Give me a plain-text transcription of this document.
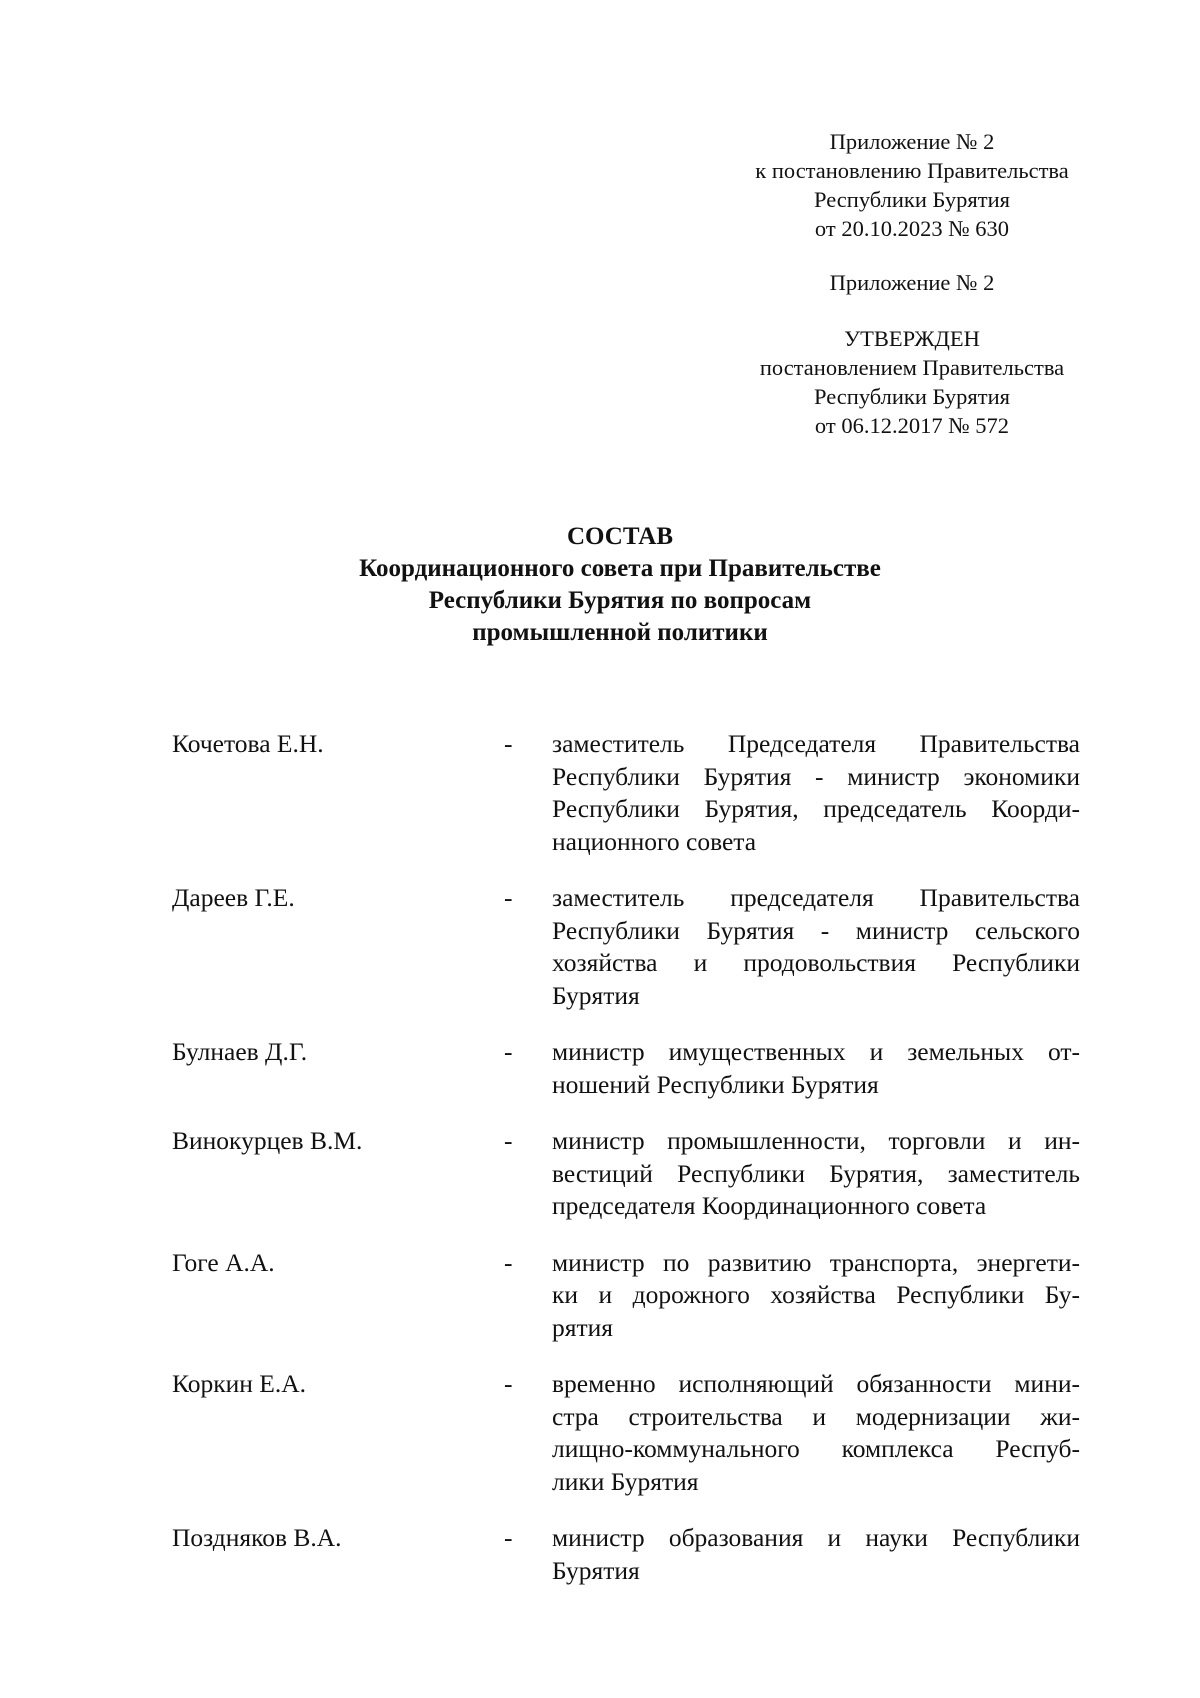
Приложение № 2
к постановлению Правительства
Республики Бурятия
от 20.10.2023 № 630
Приложение № 2
УТВЕРЖДЕН
постановлением Правительства
Республики Бурятия
от 06.12.2017 № 572
СОСТАВ
Координационного совета при Правительстве
Республики Бурятия по вопросам
промышленной политики
Кочетова Е.Н.	-	заместитель Председателя Правительства
Республики Бурятия - министр экономики
Республики Бурятия, председатель Коорди-
национного совета
Дареев Г.Е.	-	заместитель председателя Правительства
Республики Бурятия - министр сельского
хозяйства и продовольствия Республики
Бурятия
Булнаев Д.Г.	-	министр имущественных и земельных от-
ношений Республики Бурятия
Винокурцев В.М.	-	министр промышленности, торговли и ин-
вестиций Республики Бурятия, заместитель
председателя Координационного совета
Гоге А.А.	-	министр по развитию транспорта, энергети-
ки и дорожного хозяйства Республики Бу-
рятия
Коркин Е.А.	-	временно исполняющий обязанности мини-
стра строительства и модернизации жи-
лищно-коммунального комплекса Респуб-
лики Бурятия
Поздняков В.А.	-	министр образования и науки Республики
Бурятия
